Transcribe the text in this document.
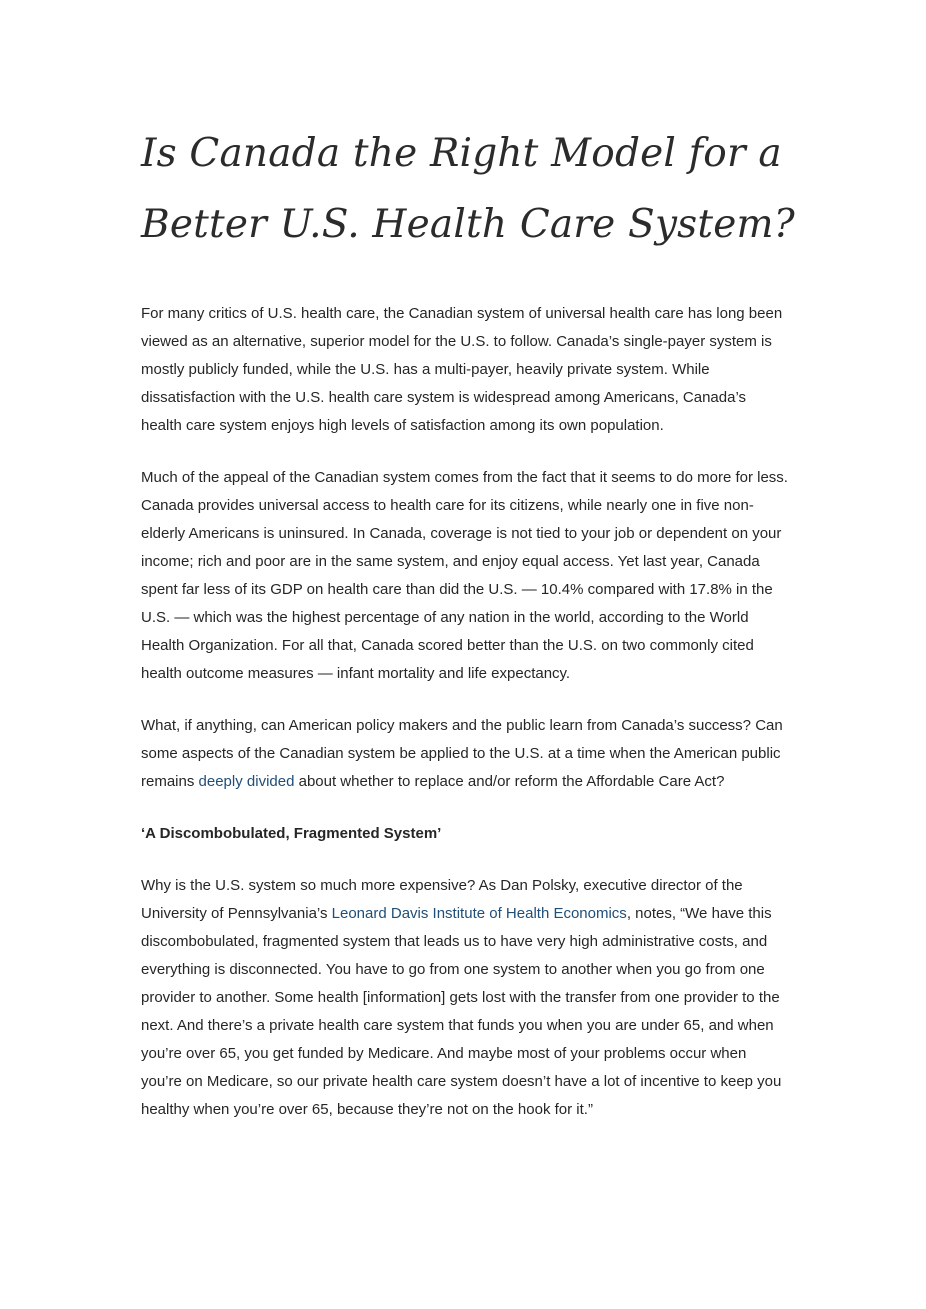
Is Canada the Right Model for a
Better U.S. Health Care System?

For many critics of U.S. health care, the Canadian system of universal health care has long been viewed as an alternative, superior model for the U.S. to follow. Canada’s single-payer system is mostly publicly funded, while the U.S. has a multi-payer, heavily private system. While dissatisfaction with the U.S. health care system is widespread among Americans, Canada’s health care system enjoys high levels of satisfaction among its own population.

Much of the appeal of the Canadian system comes from the fact that it seems to do more for less. Canada provides universal access to health care for its citizens, while nearly one in five non-elderly Americans is uninsured. In Canada, coverage is not tied to your job or dependent on your income; rich and poor are in the same system, and enjoy equal access. Yet last year, Canada spent far less of its GDP on health care than did the U.S. — 10.4% compared with 17.8% in the U.S. — which was the highest percentage of any nation in the world, according to the World Health Organization. For all that, Canada scored better than the U.S. on two commonly cited health outcome measures — infant mortality and life expectancy.

What, if anything, can American policy makers and the public learn from Canada’s success? Can some aspects of the Canadian system be applied to the U.S. at a time when the American public remains deeply divided about whether to replace and/or reform the Affordable Care Act?

‘A Discombobulated, Fragmented System’

Why is the U.S. system so much more expensive? As Dan Polsky, executive director of the University of Pennsylvania’s Leonard Davis Institute of Health Economics, notes, “We have this discombobulated, fragmented system that leads us to have very high administrative costs, and everything is disconnected. You have to go from one system to another when you go from one provider to another. Some health [information] gets lost with the transfer from one provider to the next. And there’s a private health care system that funds you when you are under 65, and when you’re over 65, you get funded by Medicare. And maybe most of your problems occur when you’re on Medicare, so our private health care system doesn’t have a lot of incentive to keep you healthy when you’re over 65, because they’re not on the hook for it.”
